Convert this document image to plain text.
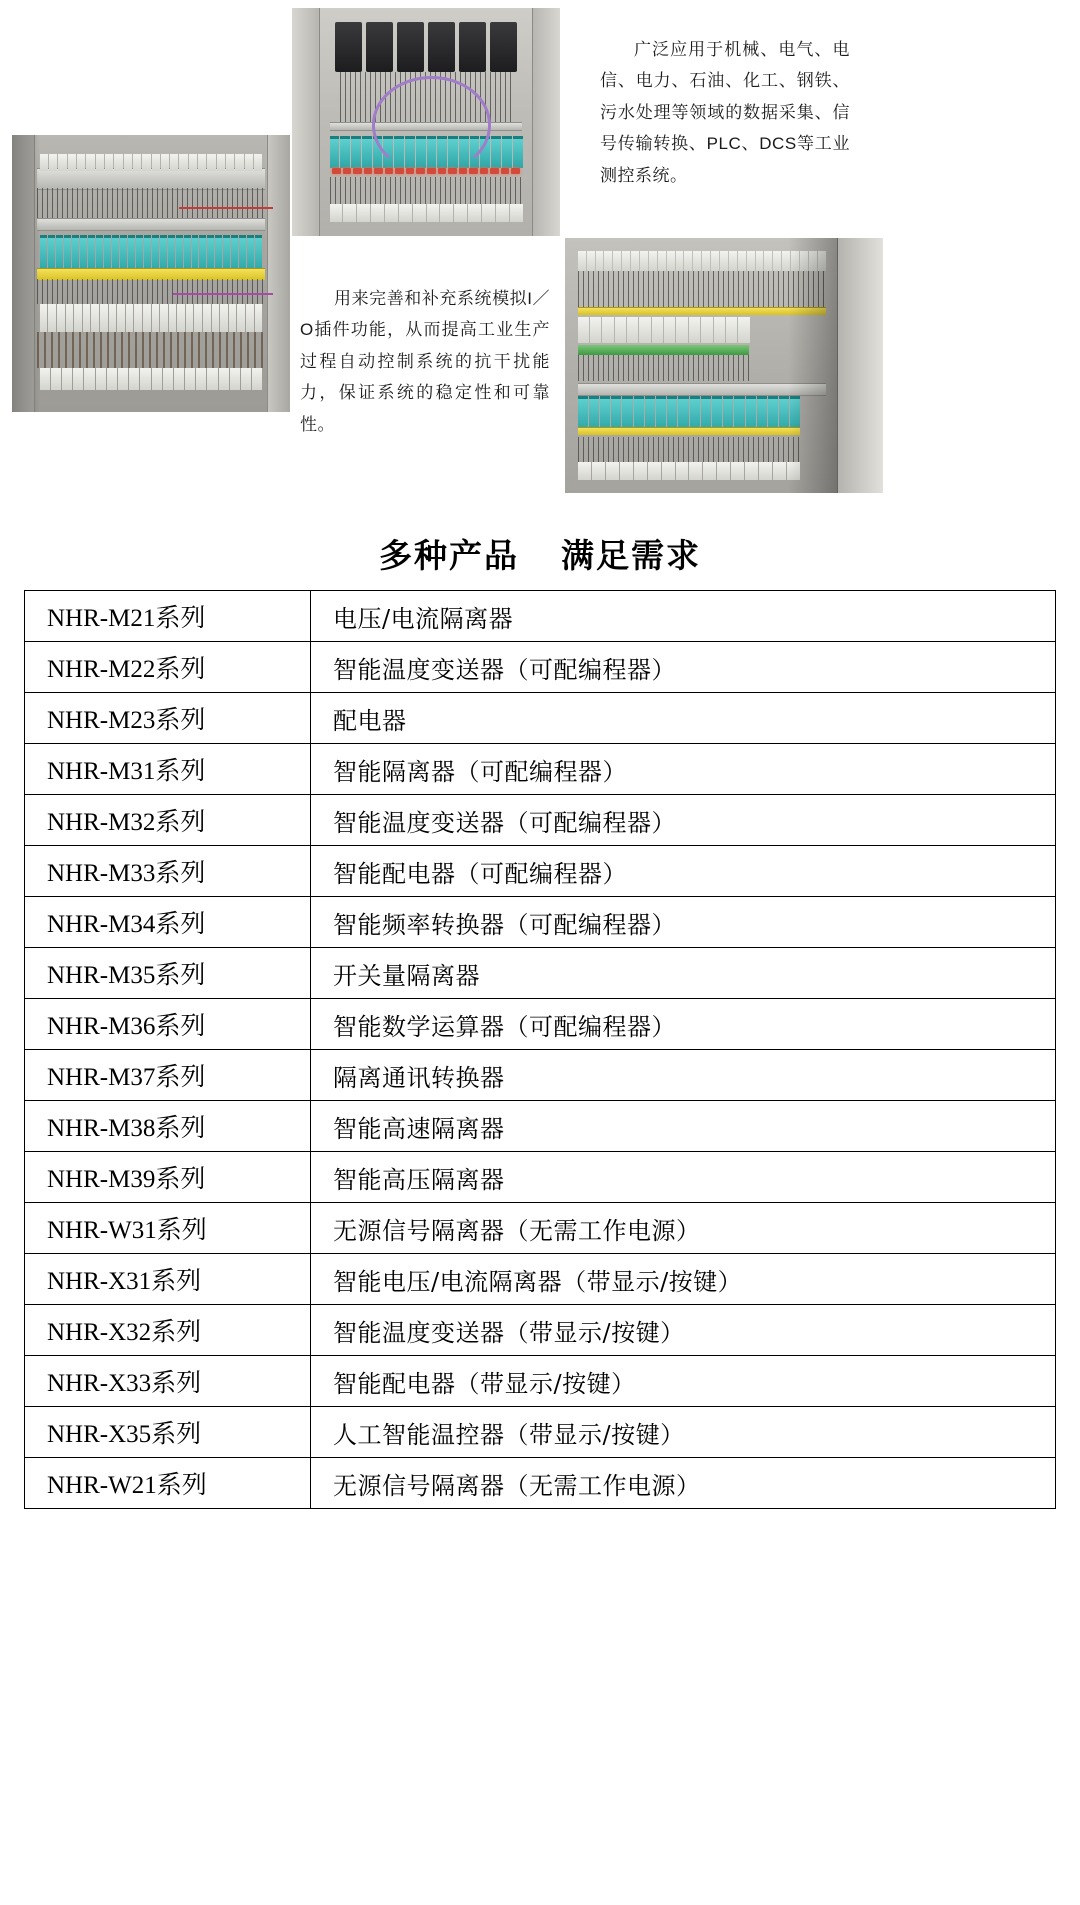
广泛应用于机械、电气、电信、电力、石油、化工、钢铁、污水处理等领域的数据采集、信号传输转换、PLC、DCS等工业测控系统。
用来完善和补充系统模拟I／O插件功能，从而提高工业生产过程自动控制系统的抗干扰能力，保证系统的稳定性和可靠性。
多种产品 满足需求
NHR-M21系列	电压/电流隔离器
NHR-M22系列	智能温度变送器（可配编程器）
NHR-M23系列	配电器
NHR-M31系列	智能隔离器（可配编程器）
NHR-M32系列	智能温度变送器（可配编程器）
NHR-M33系列	智能配电器（可配编程器）
NHR-M34系列	智能频率转换器（可配编程器）
NHR-M35系列	开关量隔离器
NHR-M36系列	智能数学运算器（可配编程器）
NHR-M37系列	隔离通讯转换器
NHR-M38系列	智能高速隔离器
NHR-M39系列	智能高压隔离器
NHR-W31系列	无源信号隔离器（无需工作电源）
NHR-X31系列	智能电压/电流隔离器（带显示/按键）
NHR-X32系列	智能温度变送器（带显示/按键）
NHR-X33系列	智能配电器（带显示/按键）
NHR-X35系列	人工智能温控器（带显示/按键）
NHR-W21系列	无源信号隔离器（无需工作电源）
